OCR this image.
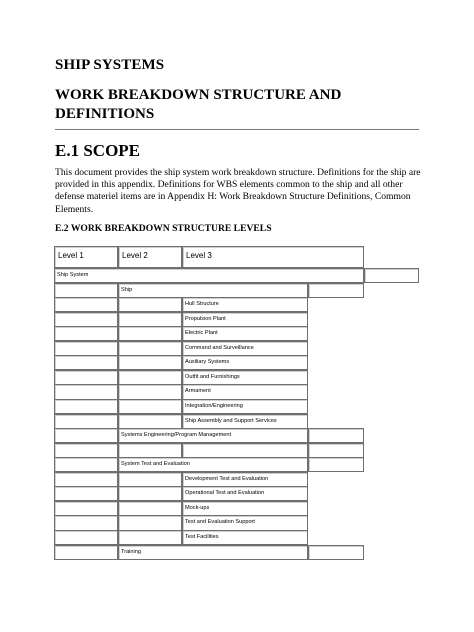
SHIP SYSTEMS
WORK BREAKDOWN STRUCTURE AND DEFINITIONS
E.1 SCOPE
This document provides the ship system work breakdown structure. Definitions for the ship are provided in this appendix. Definitions for WBS elements common to the ship and all other defense materiel items are in Appendix H: Work Breakdown Structure Definitions, Common Elements.
E.2 WORK BREAKDOWN STRUCTURE LEVELS
Level 1	Level 2	Level 3
Ship System
Ship
Hull Structure
Propulsion Plant
Electric Plant
Command and Surveillance
Auxiliary Systems
Outfit and Furnishings
Armament
Integration/Engineering
Ship Assembly and Support Services
Systems Engineering/Program Management
System Test and Evaluation
Development Test and Evaluation
Operational Test and Evaluation
Mock-ups
Test and Evaluation Support
Test Facilities
Training
